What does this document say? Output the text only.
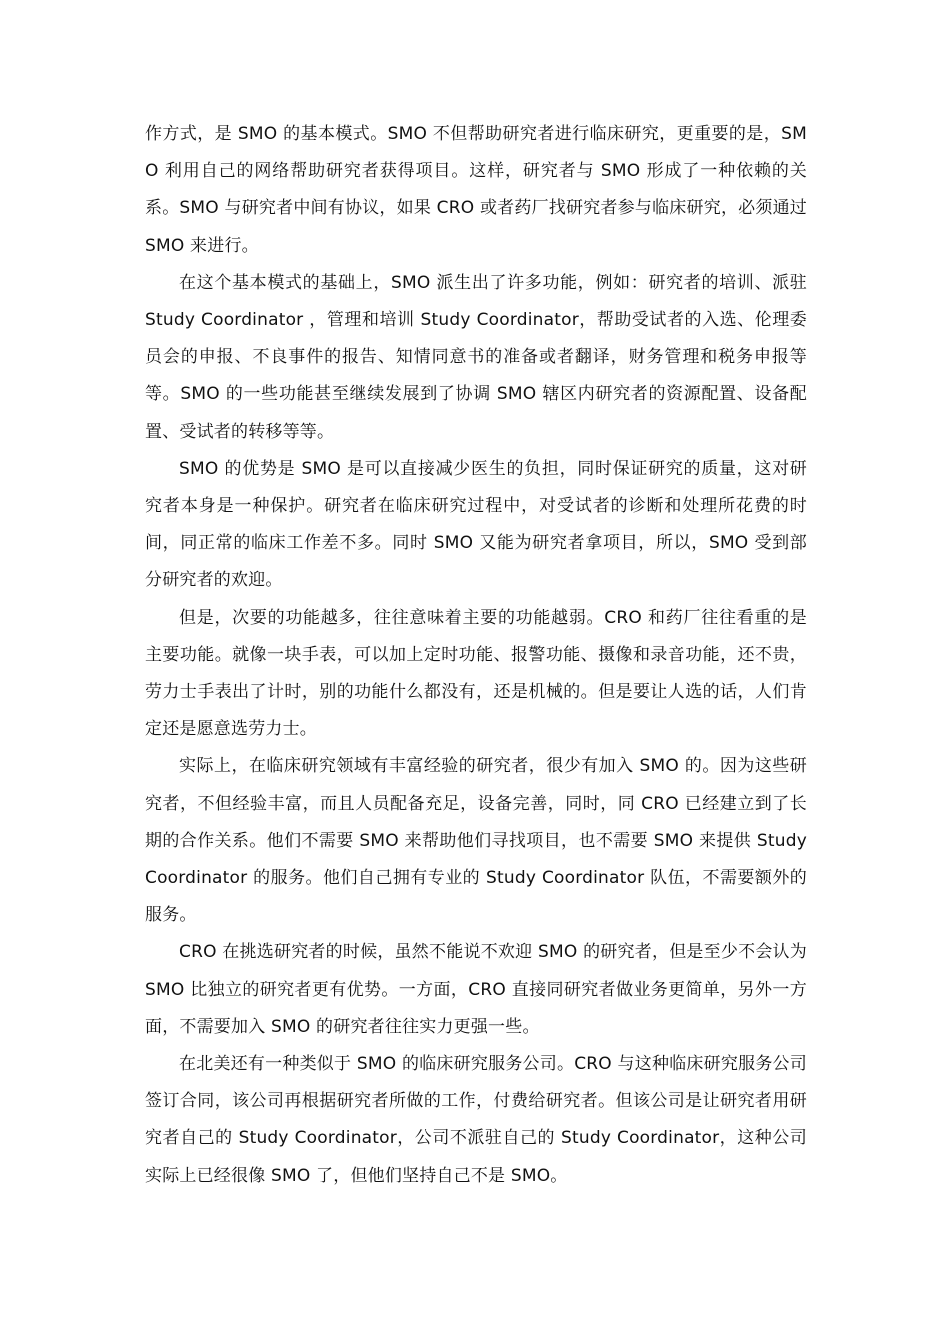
作方式，是 SMO 的基本模式。SMO 不但帮助研究者进行临床研究，更重要的是，SMO 利用自己的网络帮助研究者获得项目。这样，研究者与 SMO 形成了一种依赖的关系。SMO 与研究者中间有协议，如果 CRO 或者药厂找研究者参与临床研究，必须通过 SMO 来进行。

在这个基本模式的基础上，SMO 派生出了许多功能，例如：研究者的培训、派驻 Study Coordinator ，管理和培训 Study Coordinator，帮助受试者的入选、伦理委员会的申报、不良事件的报告、知情同意书的准备或者翻译，财务管理和税务申报等等。SMO 的一些功能甚至继续发展到了协调 SMO 辖区内研究者的资源配置、设备配置、受试者的转移等等。

SMO 的优势是 SMO 是可以直接减少医生的负担，同时保证研究的质量，这对研究者本身是一种保护。研究者在临床研究过程中，对受试者的诊断和处理所花费的时间，同正常的临床工作差不多。同时 SMO 又能为研究者拿项目，所以，SMO 受到部分研究者的欢迎。

但是，次要的功能越多，往往意味着主要的功能越弱。CRO 和药厂往往看重的是主要功能。就像一块手表，可以加上定时功能、报警功能、摄像和录音功能，还不贵，劳力士手表出了计时，别的功能什么都没有，还是机械的。但是要让人选的话，人们肯定还是愿意选劳力士。

实际上，在临床研究领域有丰富经验的研究者，很少有加入 SMO 的。因为这些研究者，不但经验丰富，而且人员配备充足，设备完善，同时，同 CRO 已经建立到了长期的合作关系。他们不需要 SMO 来帮助他们寻找项目，也不需要 SMO 来提供 Study Coordinator 的服务。他们自己拥有专业的 Study Coordinator 队伍，不需要额外的服务。

CRO 在挑选研究者的时候，虽然不能说不欢迎 SMO 的研究者，但是至少不会认为 SMO 比独立的研究者更有优势。一方面，CRO 直接同研究者做业务更简单，另外一方面，不需要加入 SMO 的研究者往往实力更强一些。

在北美还有一种类似于 SMO 的临床研究服务公司。CRO 与这种临床研究服务公司签订合同，该公司再根据研究者所做的工作，付费给研究者。但该公司是让研究者用研究者自己的 Study Coordinator，公司不派驻自己的 Study Coordinator，这种公司实际上已经很像 SMO 了，但他们坚持自己不是 SMO。
